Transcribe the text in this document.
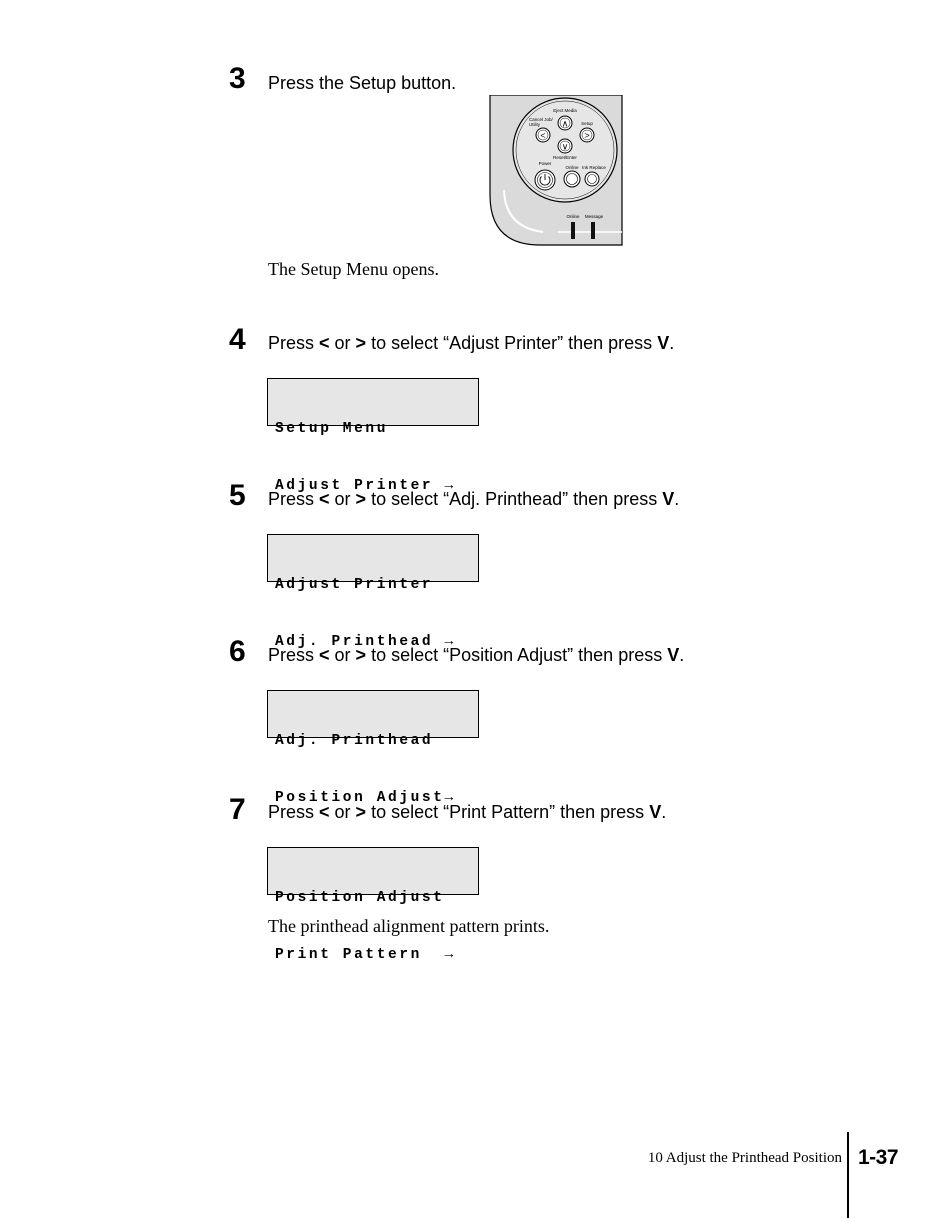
3 Press the Setup button.
∧
<	>
∨
Eject Media
Cancel Job/
Utility	Setup
Reset/Enter
Power
Online Ink Replace
Online Message
The Setup Menu opens.
4 Press < or > to select “Adjust Printer” then press V.

Setup Menu

Adjust Printer →

5 Press < or > to select “Adj. Printhead” then press V.

Adjust Printer

Adj. Printhead →

6 Press < or > to select “Position Adjust” then press V.

Adj. Printhead

Position Adjust→

7 Press < or > to select “Print Pattern” then press V.

Position Adjust

Print Pattern  →

The printhead alignment pattern prints.
10 Adjust the Printhead Position 1-37
